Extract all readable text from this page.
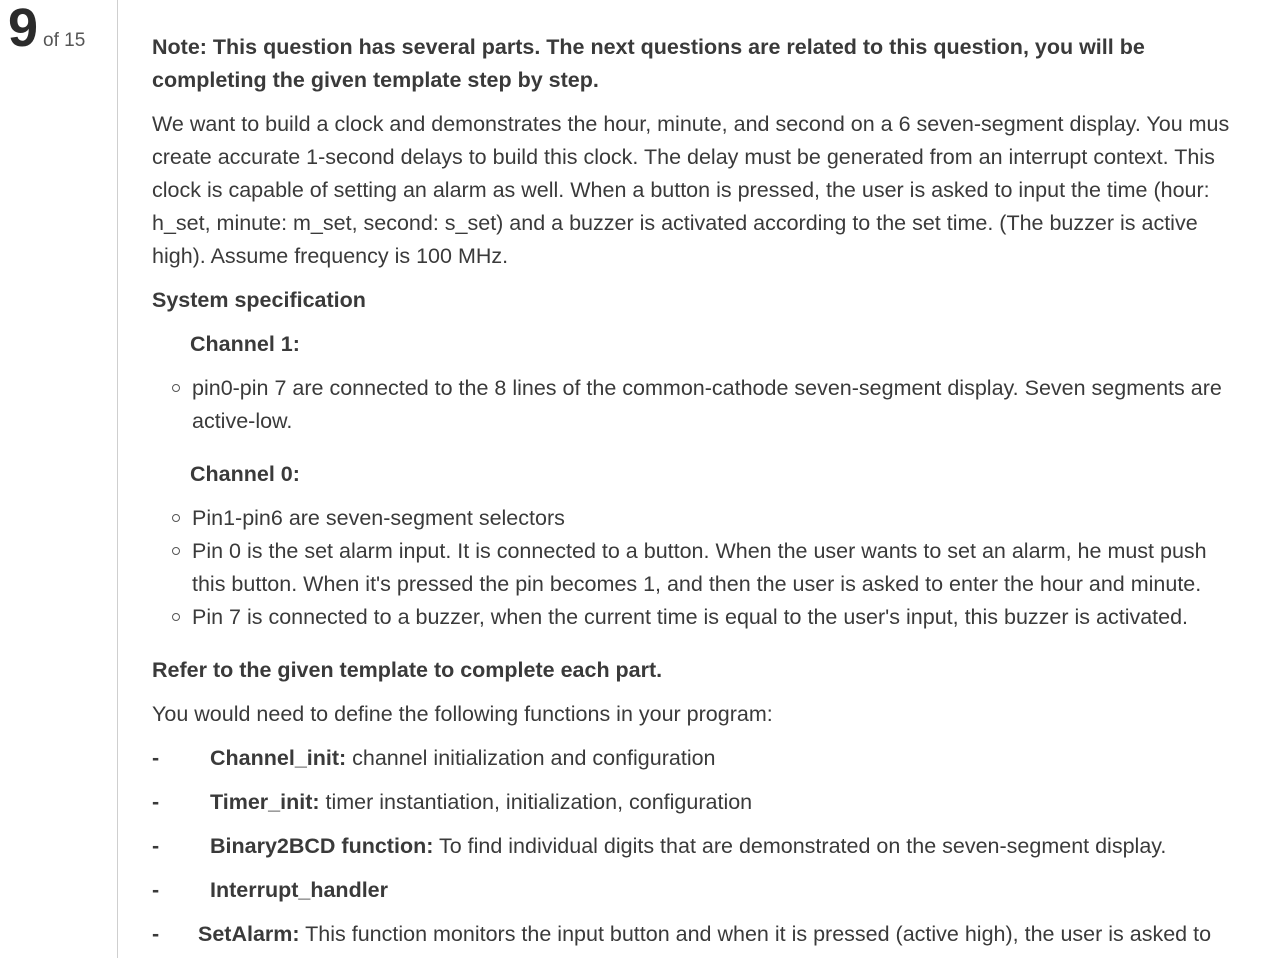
9 of 15	Note: This question has several parts. The next questions are related to this question, you will be
completing the given template step by step.

We want to build a clock and demonstrates the hour, minute, and second on a 6 seven-segment display. You mus
create accurate 1-second delays to build this clock. The delay must be generated from an interrupt context. This
clock is capable of setting an alarm as well. When a button is pressed, the user is asked to input the time (hour:
h_set, minute: m_set, second: s_set) and a buzzer is activated according to the set time. (The buzzer is active
high). Assume frequency is 100 MHz.

System specification

Channel 1:

pin0-pin 7 are connected to the 8 lines of the common-cathode seven-segment display. Seven segments are
active-low.

Channel 0:

Pin1-pin6 are seven-segment selectors
Pin 0 is the set alarm input. It is connected to a button. When the user wants to set an alarm, he must push
this button. When it's pressed the pin becomes 1, and then the user is asked to enter the hour and minute.
Pin 7 is connected to a buzzer, when the current time is equal to the user's input, this buzzer is activated.

Refer to the given template to complete each part.

You would need to define the following functions in your program:

-	Channel_init: channel initialization and configuration
-	Timer_init: timer instantiation, initialization, configuration
-	Binary2BCD function: To find individual digits that are demonstrated on the seven-segment display.
-	Interrupt_handler
-	SetAlarm: This function monitors the input button and when it is pressed (active high), the user is asked to
